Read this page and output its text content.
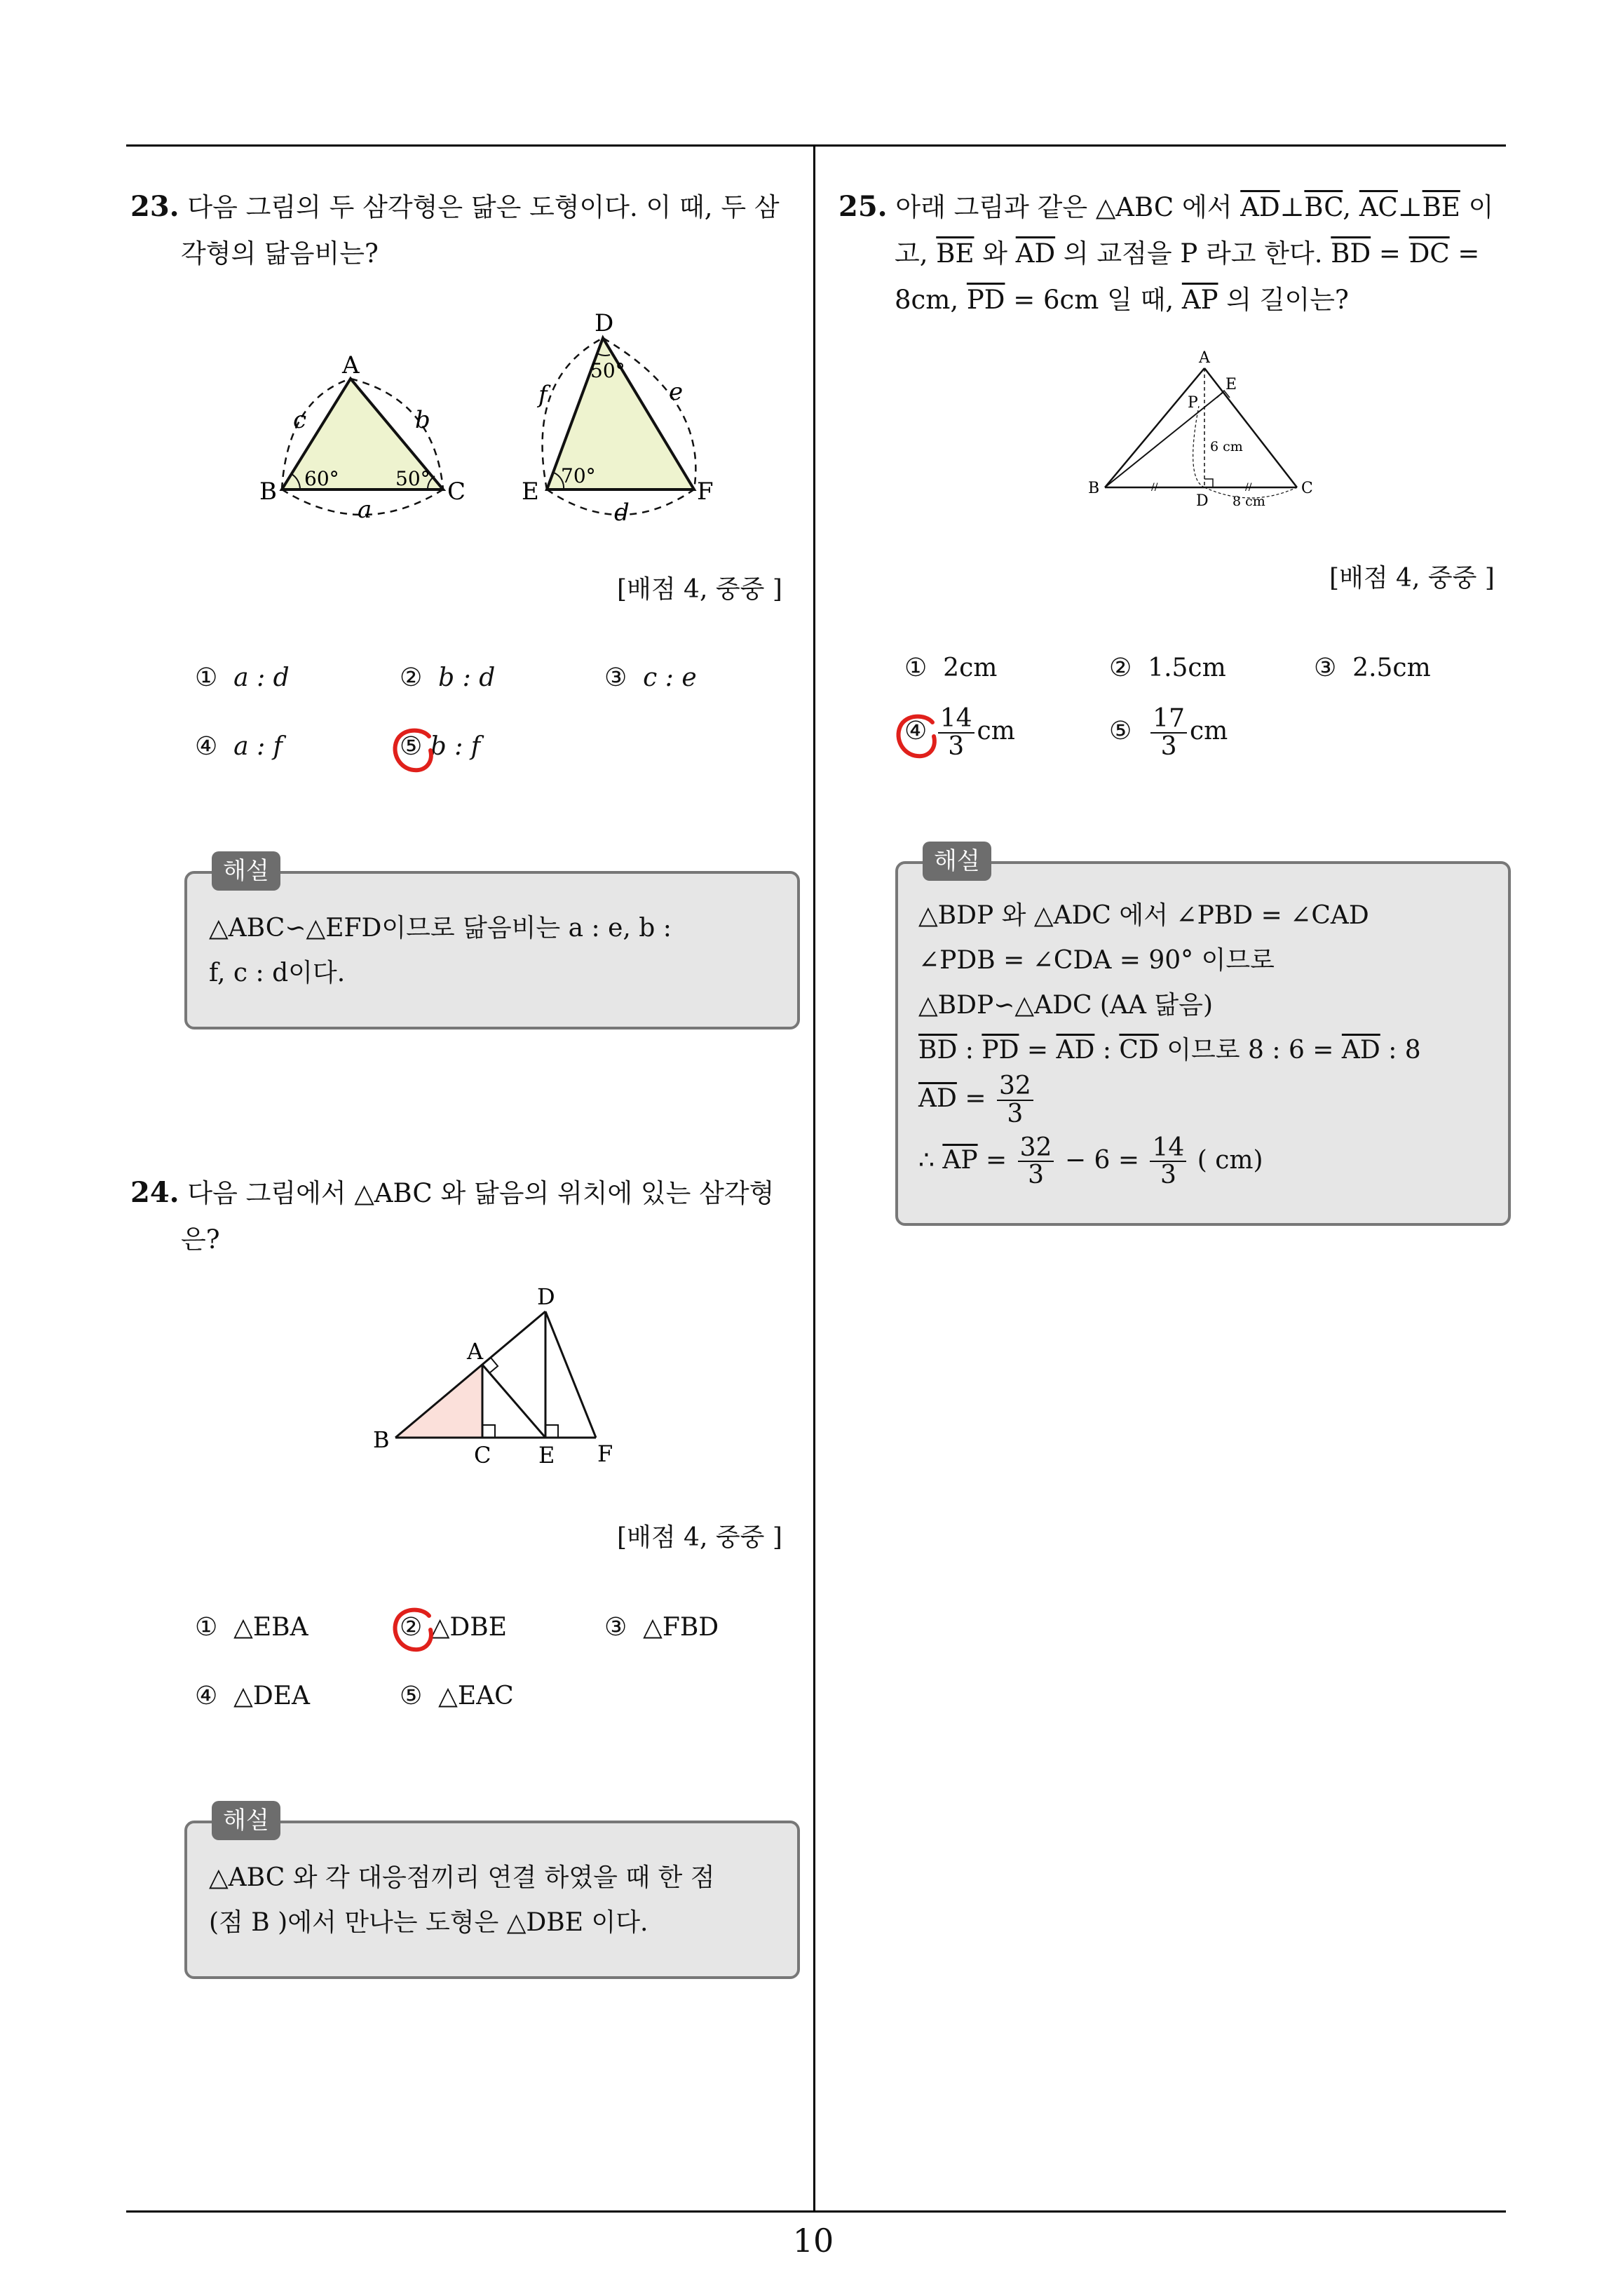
10
23. 다음 그림의 두 삼각형은 닮은 도형이다. 이 때, 두 삼
각형의 닮음비는?
A
B	C
a
b
c
60°	50°
D
E	F
d
e
f
50°
70°
[배점 4, 중중 ]
① a : d	② b : d	③ c : e
④ a : f	⑤ b : f
해설
△ABC∽△EFD이므로 닮음비는 a : e, b :
f, c : d이다.
24. 다음 그림에서 △ABC 와 닮음의 위치에 있는 삼각형
은?
A
B
C
D
E F
[배점 4, 중중 ]
① △EBA	② △DBE	③ △FBD
④ △DEA	⑤ △EAC
해설
△ABC 와 각 대응점끼리 연결 하였을 때 한 점
(점 B )에서 만나는 도형은 △DBE 이다.
25. 아래 그림과 같은 △ABC 에서 $\overline{AD}\perp\overline{BC}$, $\overline{AC}\perp\overline{BE}$ 이
고, $\overline{BE}$ 와 $\overline{AD}$ 의 교점을 P 라고 한다. $\overline{BD} = \overline{DC}$ =
8cm, $\overline{PD} = 6cm$ 일 때, $\overline{AP}$ 의 길이는?
A
B	C
D
E
P
6 cm
8 cm
//	//
[배점 4, 중중 ]
① 2cm	② 1.5cm	③ 2.5cm
④ $\frac{14}{3}$ cm	⑤ $\frac{17}{3}$ cm
해설
△BDP 와 △ADC 에서 ∠PBD = ∠CAD
∠PDB = ∠CDA = 90° 이므로
△BDP∽△ADC (AA 닮음)
$\overline{BD}$ : $\overline{PD} = \overline{AD}$ : $\overline{CD}$ 이므로 8 : $6 = \overline{AD}$ : 8
$\overline{AD} = \frac{32}{3}$
∴ $\overline{AP} = \frac{32}{3} - 6 = \frac{14}{3}$ ( cm)
